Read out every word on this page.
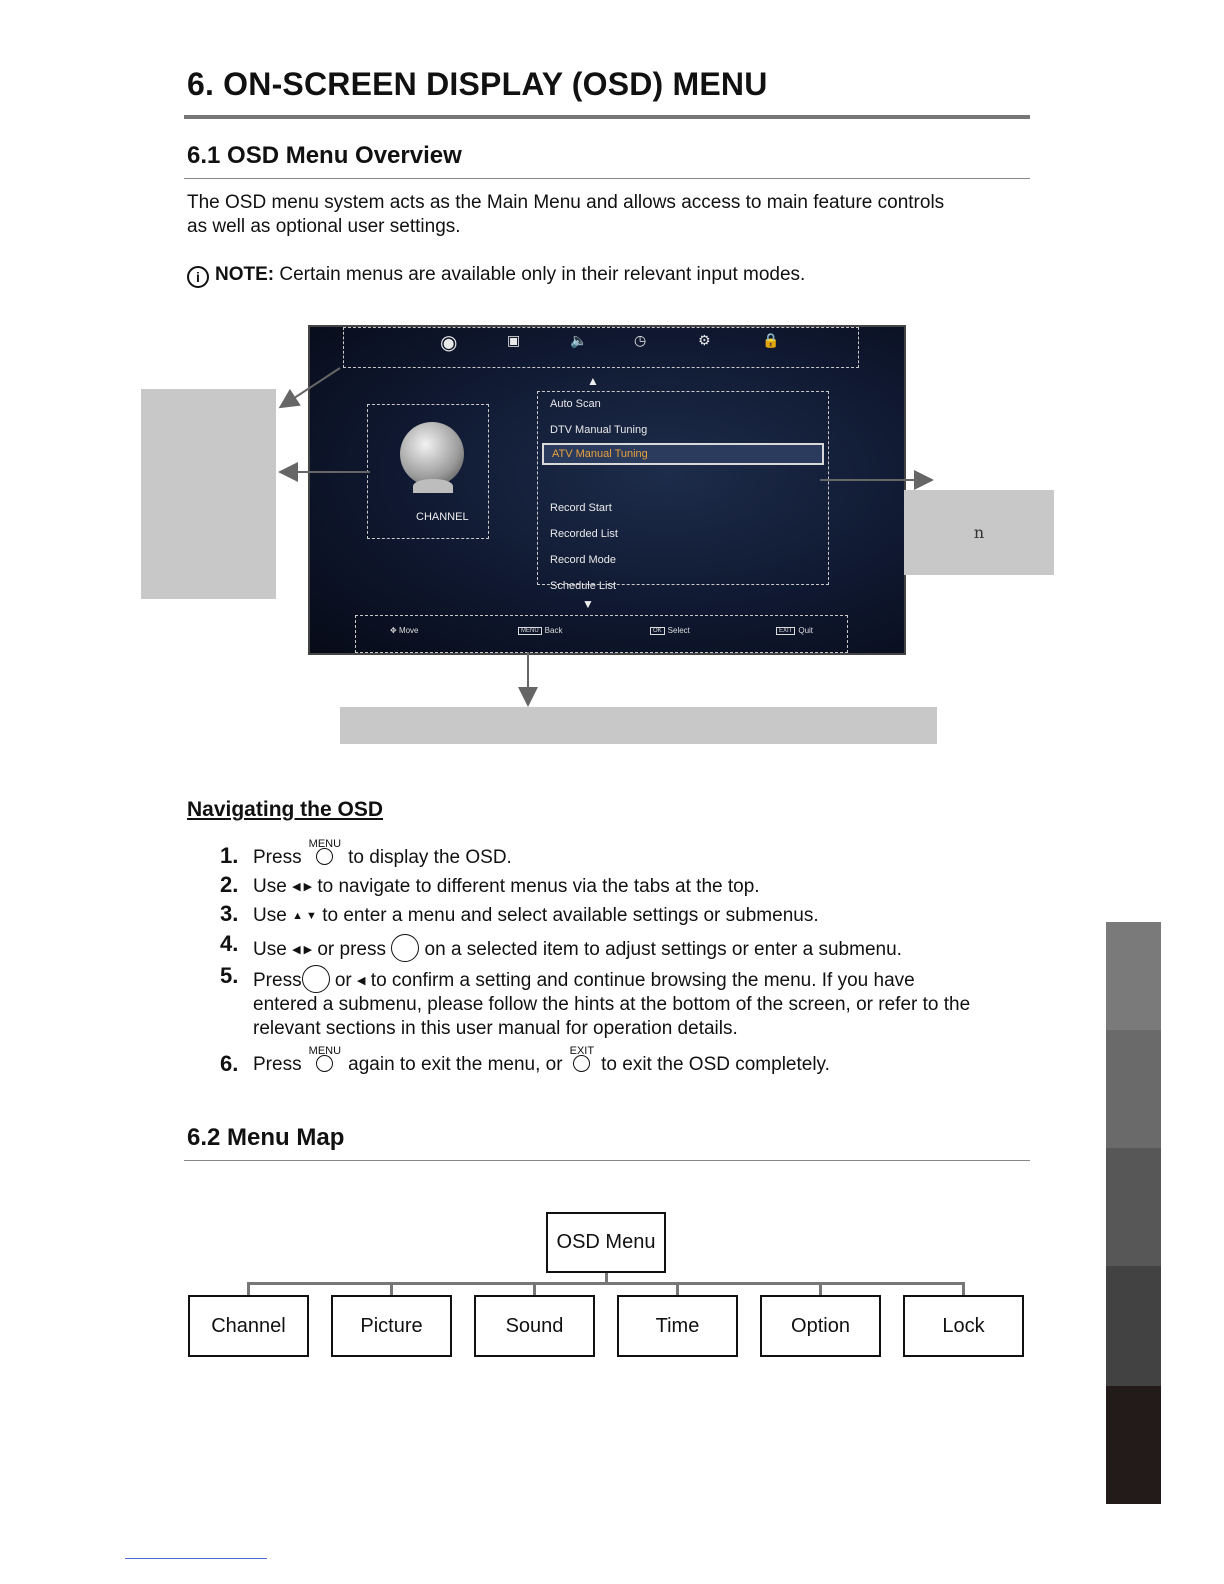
6. ON-SCREEN DISPLAY (OSD) MENU
6.1 OSD Menu Overview
The OSD menu system acts as the Main Menu and allows access to main feature controls
as well as optional user settings.
i NOTE: Certain menus are available only in their relevant input modes.
◉	▣	🔈	◷	⚙	🔒
CHANNEL
▲
▼
Auto Scan
DTV Manual Tuning
ATV Manual Tuning
Record Start
Recorded List
Record Mode
Schedule List
✥ Move	MENU Back	OK Select	EXIT Quit
n
Navigating the OSD
1. Press
MENU
to display the OSD.
2. Use ◀ ▶ to navigate to different menus via the tabs at the top.
3. Use ▲ ▼ to enter a menu and select available settings or submenus.
4. Use ◀ ▶ or press on a selected item to adjust settings or enter a submenu.
5. Press or ◀ to confirm a setting and continue browsing the menu. If you have
entered a submenu, please follow the hints at the bottom of the screen, or refer to the
relevant sections in this user manual for operation details.
6. Press
MENU
again to exit the menu, or
EXIT
to exit the OSD completely.
6.2 Menu Map
OSD Menu
Channel	Picture	Sound	Time	Option	Lock
